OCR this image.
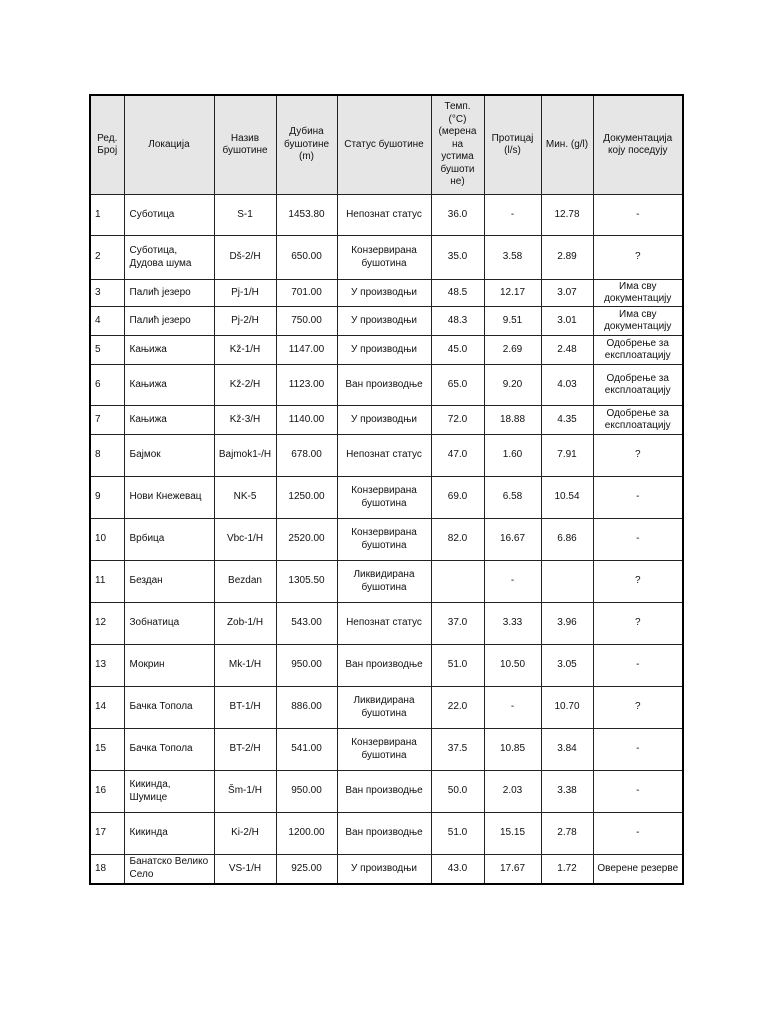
Ред. Број	Локација	Назив бушотине	Дубина бушотине (m)	Статус бушотине	Темп. (°C) (мерена на устима бушоти не)	Протицај (l/s)	Мин. (g/l)	Документација коју поседују
1	Суботица	S-1	1453.80	Непознат статус	36.0	-	12.78	-
2	Суботица, Дудова шума	Dš-2/H	650.00	Конзервирана бушотина	35.0	3.58	2.89	?
3	Палић језеро	Pj-1/H	701.00	У производњи	48.5	12.17	3.07	Има сву документацију
4	Палић језеро	Pj-2/H	750.00	У производњи	48.3	9.51	3.01	Има сву документацију
5	Кањижа	Kž-1/H	1147.00	У производњи	45.0	2.69	2.48	Одобрење за експлоатацију
6	Кањижа	Kž-2/H	1123.00	Ван производње	65.0	9.20	4.03	Одобрење за експлоатацију
7	Кањижа	Kž-3/H	1140.00	У производњи	72.0	18.88	4.35	Одобрење за експлоатацију
8	Бајмок	Bajmok1-/H	678.00	Непознат статус	47.0	1.60	7.91	?
9	Нови Кнежевац	NK-5	1250.00	Конзервирана бушотина	69.0	6.58	10.54	-
10	Врбица	Vbc-1/H	2520.00	Конзервирана бушотина	82.0	16.67	6.86	-
11	Бездан	Bezdan	1305.50	Ликвидирана бушотина		-		?
12	Зобнатица	Zob-1/H	543.00	Непознат статус	37.0	3.33	3.96	?
13	Мокрин	Mk-1/H	950.00	Ван производње	51.0	10.50	3.05	-
14	Бачка Топола	BT-1/H	886.00	Ликвидирана бушотина	22.0	-	10.70	?
15	Бачка Топола	BT-2/H	541.00	Конзервирана бушотина	37.5	10.85	3.84	-
16	Кикинда, Шумице	Šm-1/H	950.00	Ван производње	50.0	2.03	3.38	-
17	Кикинда	Ki-2/H	1200.00	Ван производње	51.0	15.15	2.78	-
18	Банатско Велико Село	VS-1/H	925.00	У производњи	43.0	17.67	1.72	Оверене резерве
